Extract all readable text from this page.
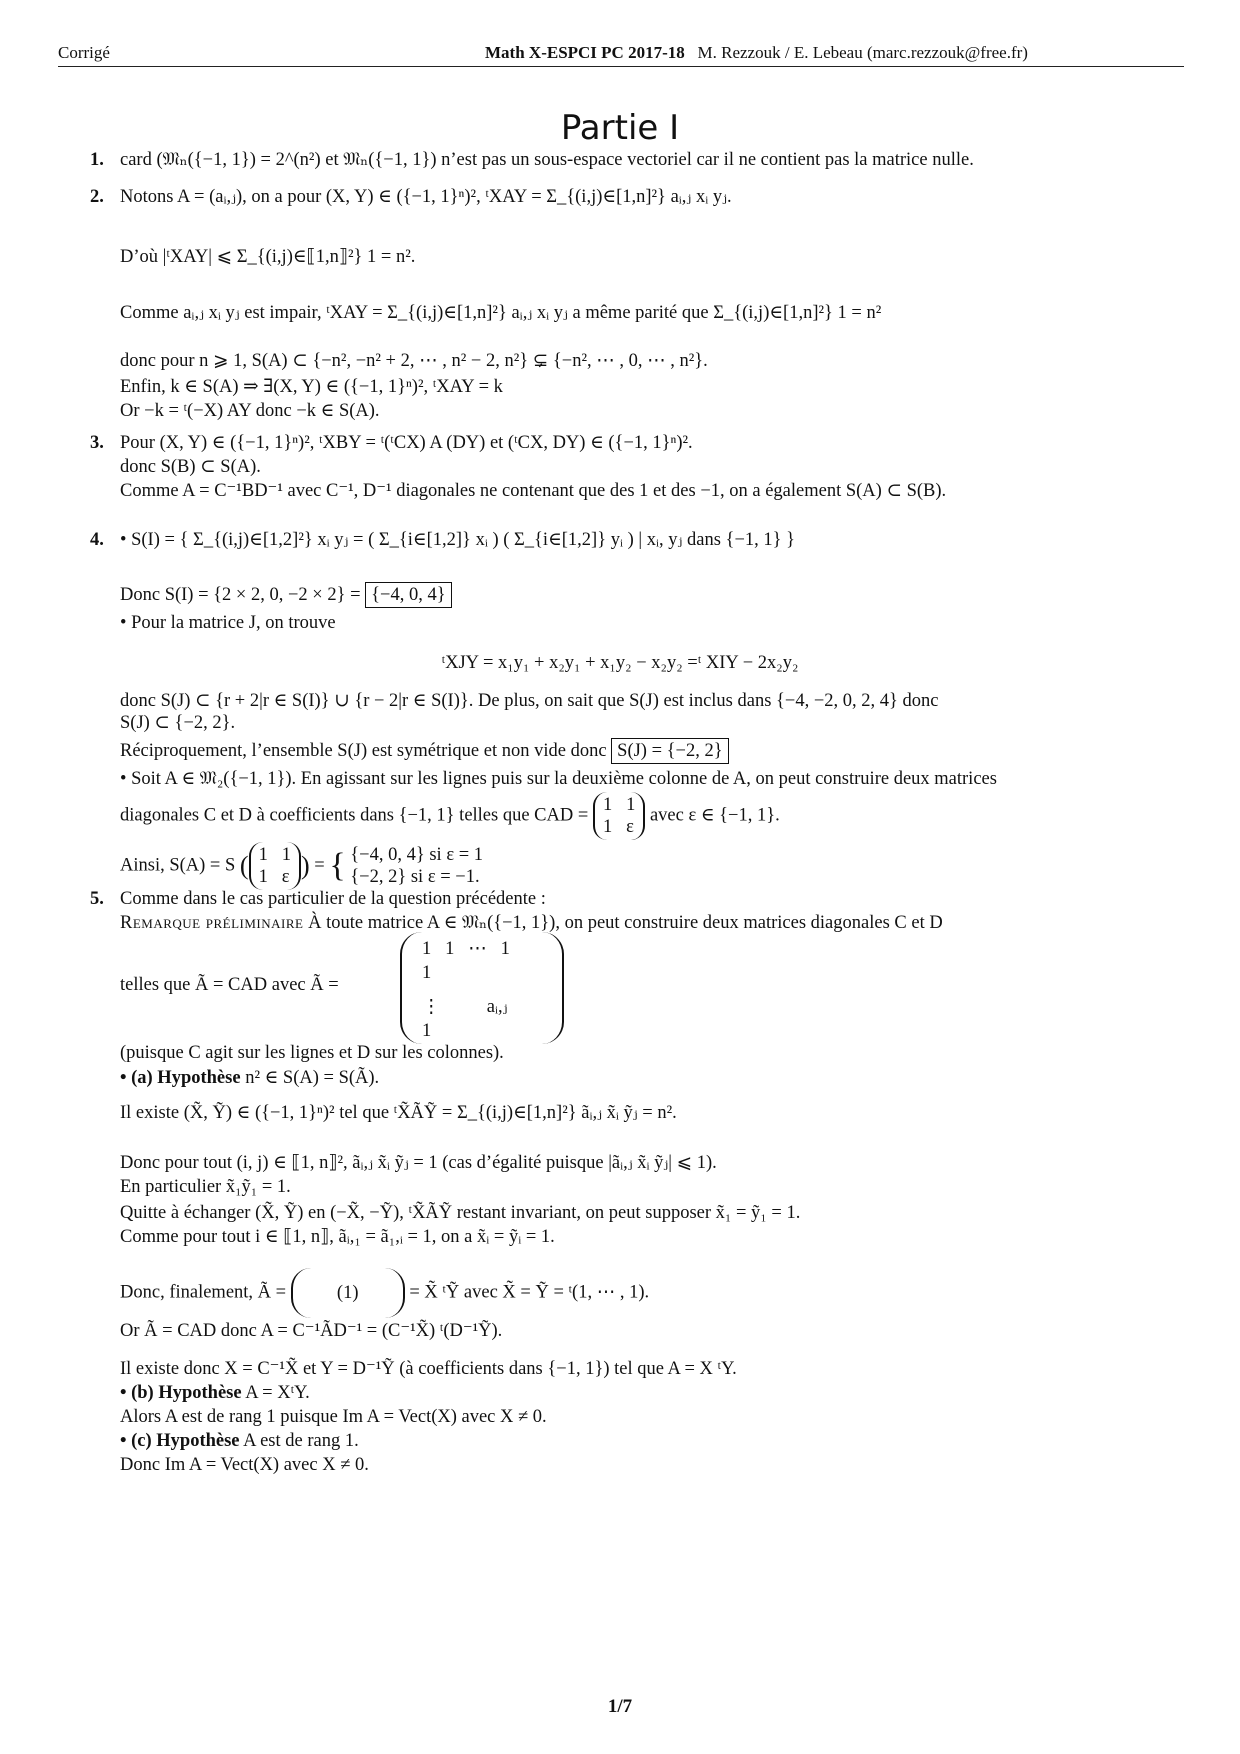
Corrigé	Math X-ESPCI PC 2017-18 M. Rezzouk / E. Lebeau (marc.rezzouk@free.fr)
Partie I
1. card (𝔐ₙ({−1, 1}) = 2^(n²) et 𝔐ₙ({−1, 1}) n’est pas un sous-espace vectoriel car il ne contient pas la matrice nulle.
2. Notons A = (aᵢ,ⱼ), on a pour (X, Y) ∈ ({−1, 1}ⁿ)², ᵗXAY = Σ_{(i,j)∈[1,n]²} aᵢ,ⱼ xᵢ yⱼ.
D’où |ᵗXAY| ⩽ Σ_{(i,j)∈⟦1,n⟧²} 1 = n².
Comme aᵢ,ⱼ xᵢ yⱼ est impair, ᵗXAY = Σ_{(i,j)∈[1,n]²} aᵢ,ⱼ xᵢ yⱼ a même parité que Σ_{(i,j)∈[1,n]²} 1 = n²
donc pour n ⩾ 1, S(A) ⊂ {−n², −n² + 2, ⋯ , n² − 2, n²} ⊊ {−n², ⋯ , 0, ⋯ , n²}.
Enfin, k ∈ S(A) ⇒ ∃(X, Y) ∈ ({−1, 1}ⁿ)², ᵗXAY = k
Or −k = ᵗ(−X) AY donc −k ∈ S(A).
3. Pour (X, Y) ∈ ({−1, 1}ⁿ)², ᵗXBY = ᵗ(ᵗCX) A (DY) et (ᵗCX, DY) ∈ ({−1, 1}ⁿ)².
donc S(B) ⊂ S(A).
Comme A = C⁻¹BD⁻¹ avec C⁻¹, D⁻¹ diagonales ne contenant que des 1 et des −1, on a également S(A) ⊂ S(B).
4. • S(I) = { Σ_{(i,j)∈[1,2]²} xᵢ yⱼ = ( Σ_{i∈[1,2]} xᵢ ) ( Σ_{i∈[1,2]} yᵢ ) | xᵢ, yⱼ dans {−1, 1} }
Donc S(I) = {2 × 2, 0, −2 × 2} = {−4, 0, 4}
• Pour la matrice J, on trouve
ᵗXJY = x₁y₁ + x₂y₁ + x₁y₂ − x₂y₂ =ᵗ XIY − 2x₂y₂
donc S(J) ⊂ {r + 2|r ∈ S(I)} ∪ {r − 2|r ∈ S(I)}. De plus, on sait que S(J) est inclus dans {−4, −2, 0, 2, 4} donc
S(J) ⊂ {−2, 2}.
Réciproquement, l’ensemble S(J) est symétrique et non vide donc S(J) = {−2, 2}
• Soit A ∈ 𝔐₂({−1, 1}). En agissant sur les lignes puis sur la deuxième colonne de A, on peut construire deux matrices
diagonales C et D à coefficients dans {−1, 1} telles que CAD = 1   1
1   ε avec ε ∈ {−1, 1}.
Ainsi, S(A) = S ( 1   1
1   ε ) = { {−4, 0, 4} si ε = 1
{−2, 2} si ε = −1.
5. Comme dans le cas particulier de la question précédente :
Remarque préliminaire À toute matrice A ∈ 𝔐ₙ({−1, 1}), on peut construire deux matrices diagonales C et D
telles que Ã = CAD avec Ã =
1   1   ⋯   1
1
⋮          aᵢ,ⱼ
1
(puisque C agit sur les lignes et D sur les colonnes).
• (a) Hypothèse n² ∈ S(A) = S(Ã).
Il existe (X̃, Ỹ) ∈ ({−1, 1}ⁿ)² tel que ᵗX̃ÃỸ = Σ_{(i,j)∈[1,n]²} ãᵢ,ⱼ x̃ᵢ ỹⱼ = n².
Donc pour tout (i, j) ∈ ⟦1, n⟧², ãᵢ,ⱼ x̃ᵢ ỹⱼ = 1 (cas d’égalité puisque |ãᵢ,ⱼ x̃ᵢ ỹⱼ| ⩽ 1).
En particulier x̃₁ỹ₁ = 1.
Quitte à échanger (X̃, Ỹ) en (−X̃, −Ỹ), ᵗX̃ÃỸ restant invariant, on peut supposer x̃₁ = ỹ₁ = 1.
Comme pour tout i ∈ ⟦1, n⟧, ãᵢ,₁ = ã₁,ᵢ = 1, on a x̃ᵢ = ỹᵢ = 1.
Donc, finalement, Ã =	(1)	= X̃ ᵗỸ avec X̃ = Ỹ = ᵗ(1, ⋯ , 1).
Or Ã = CAD donc A = C⁻¹ÃD⁻¹ = (C⁻¹X̃) ᵗ(D⁻¹Ỹ).
Il existe donc X = C⁻¹X̃ et Y = D⁻¹Ỹ (à coefficients dans {−1, 1}) tel que A = X ᵗY.
• (b) Hypothèse A = XᵗY.
Alors A est de rang 1 puisque Im A = Vect(X) avec X ≠ 0.
• (c) Hypothèse A est de rang 1.
Donc Im A = Vect(X) avec X ≠ 0.
1/7
